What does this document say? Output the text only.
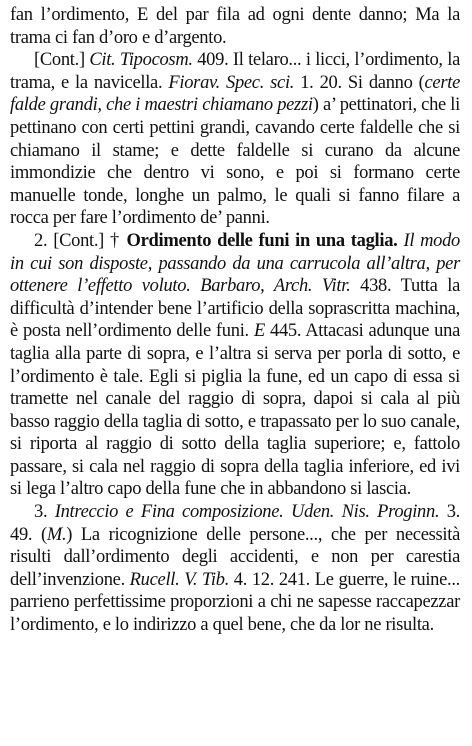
fan l’ordimento, E del par fila ad ogni dente danno; Ma la trama ci fan d’oro e d’argento.

[Cont.] Cit. Tipocosm. 409. Il telaro... i licci, l’ordimento, la trama, e la navicella. Fiorav. Spec. sci. 1. 20. Si danno (certe falde grandi, che i maestri chiamano pezzi) a’ pettinatori, che li pettinano con certi pettini grandi, cavando certe faldelle che si chiamano il stame; e dette faldelle si curano da alcune immondizie che dentro vi sono, e poi si formano certe manuelle tonde, longhe un palmo, le quali si fanno filare a rocca per fare l’ordimento de’ panni.

2. [Cont.] † Ordimento delle funi in una taglia. Il modo in cui son disposte, passando da una carrucola all’altra, per ottenere l’effetto voluto. Barbaro, Arch. Vitr. 438. Tutta la difficultà d’intender bene l’artificio della soprascritta machina, è posta nell’ordimento delle funi. E 445. Attacasi adunque una taglia alla parte di sopra, e l’altra si serva per porla di sotto, e l’ordimento è tale. Egli si piglia la fune, ed un capo di essa si tramette nel canale del raggio di sopra, dapoi si cala al più basso raggio della taglia di sotto, e trapassato per lo suo canale, si riporta al raggio di sotto della taglia superiore; e, fattolo passare, si cala nel raggio di sopra della taglia inferiore, ed ivi si lega l’altro capo della fune che in abbandono si lascia.

3. Intreccio e Fina composizione. Uden. Nis. Proginn. 3. 49. (M.) La ricognizione delle persone..., che per necessità risulti dall’ordimento degli accidenti, e non per carestia dell’invenzione. Rucell. V. Tib. 4. 12. 241. Le guerre, le ruine... parrieno perfettissime proporzioni a chi ne sapesse raccapezzar l’ordimento, e lo indirizzo a quel bene, che da lor ne risulta.
